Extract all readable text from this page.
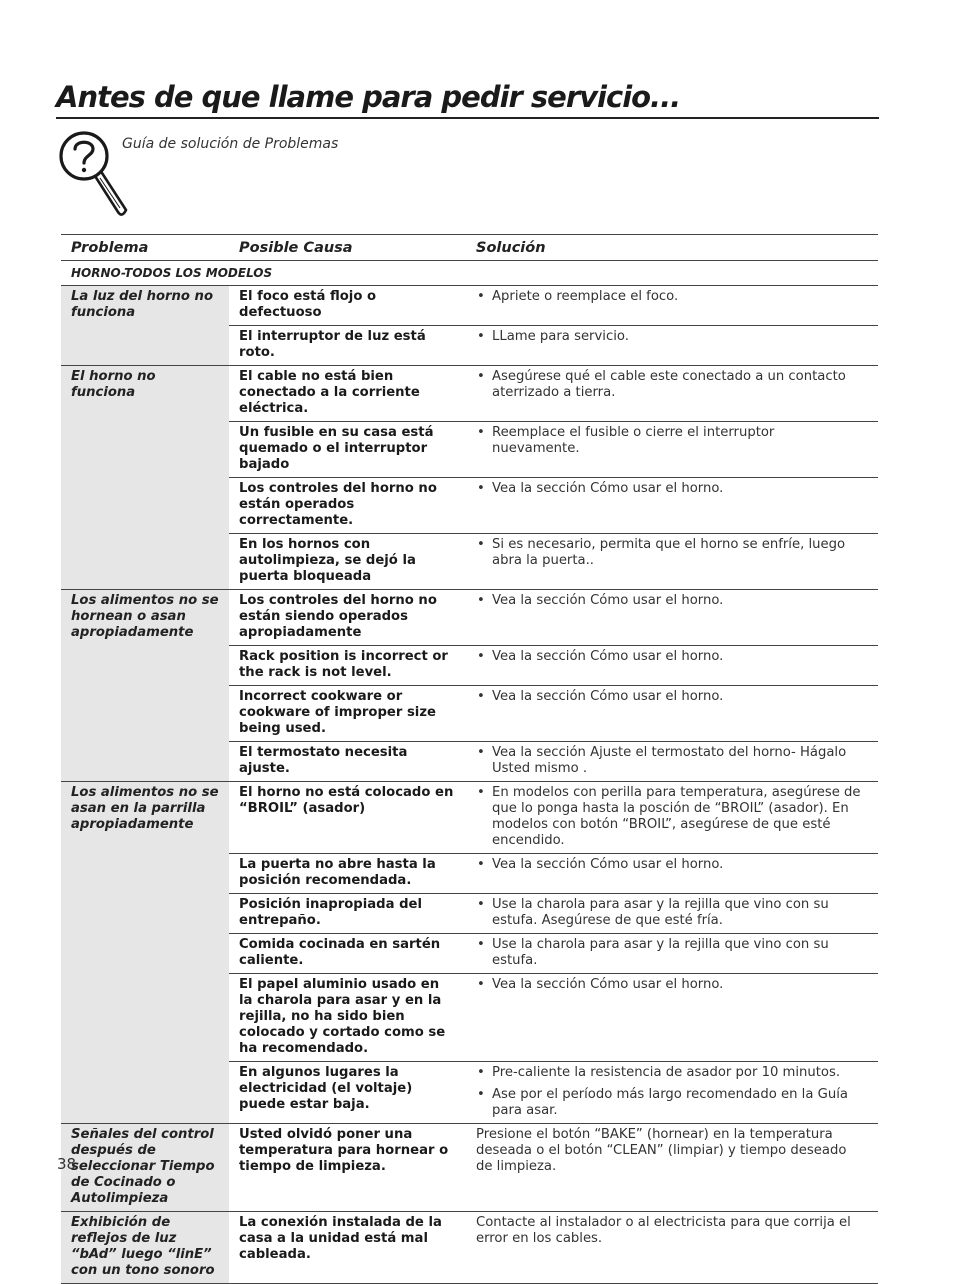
Antes de que llame para pedir servicio...
Guía de solución de Problemas
Problema	Posible Causa	Solución
HORNO-TODOS LOS MODELOS		
La luz del horno no funciona	El foco está flojo o defectuoso	• Apriete o reemplace el foco.

	El interruptor de luz está roto.	• LLame para servicio.

El horno no funciona	El cable no está bien conectado a la corriente eléctrica.	• Asegúrese qué el cable este conectado a un contacto aterrizado a tierra.

	Un fusible en su casa está quemado o el interruptor bajado	• Reemplace el fusible o cierre el interruptor nuevamente.

	Los controles del horno no están operados correctamente.	• Vea la sección Cómo usar el horno.

	En los hornos con autolimpieza, se dejó la puerta bloqueada	• Si es necesario, permita que el horno se enfríe, luego abra la puerta..

Los alimentos no se hornean o asan apropiadamente	Los controles del horno no están siendo operados apropiadamente	• Vea la sección Cómo usar el horno.

	Rack position is incorrect or the rack is not level.	• Vea la sección Cómo usar el horno.

	Incorrect cookware or cookware of improper size being used.	• Vea la sección Cómo usar el horno.

	El termostato necesita ajuste.	• Vea la sección Ajuste el termostato del horno- Hágalo Usted mismo .

Los alimentos no se asan en la parrilla apropiadamente	El horno no está colocado en “BROIL” (asador)	• En modelos con perilla para temperatura, asegúrese de que lo ponga hasta la posción de “BROIL” (asador). En modelos con botón “BROIL”, asegúrese de que esté encendido.

	La puerta no abre hasta la posición recomendada.	• Vea la sección Cómo usar el horno.

	Posición inapropiada del entrepaño.	• Use la charola para asar y la rejilla que vino con su estufa. Asegúrese de que esté fría.

	Comida cocinada en sartén caliente.	• Use la charola para asar y la rejilla que vino con su estufa.

	El papel aluminio usado en la charola para asar y en la rejilla, no ha sido bien colocado y cortado como se ha recomendado.	• Vea la sección Cómo usar el horno.

	En algunos lugares la electricidad (el voltaje) puede estar baja.	• Pre-caliente la resistencia de asador por 10 minutos.
• Ase por el período más largo recomendado en la Guía para asar.

Señales del control después de seleccionar Tiempo de Cocinado o Autolimpieza	Usted olvidó poner una temperatura para hornear o tiempo de limpieza.	Presione el botón “BAKE” (hornear) en la temperatura deseada o el botón “CLEAN” (limpiar) y tiempo deseado de limpieza.
Exhibición de reflejos de luz “bAd” luego “linE” con un tono sonoro	La conexión instalada de la casa a la unidad está mal cableada.	Contacte al instalador o al electricista para que corrija el error en los cables.
38
